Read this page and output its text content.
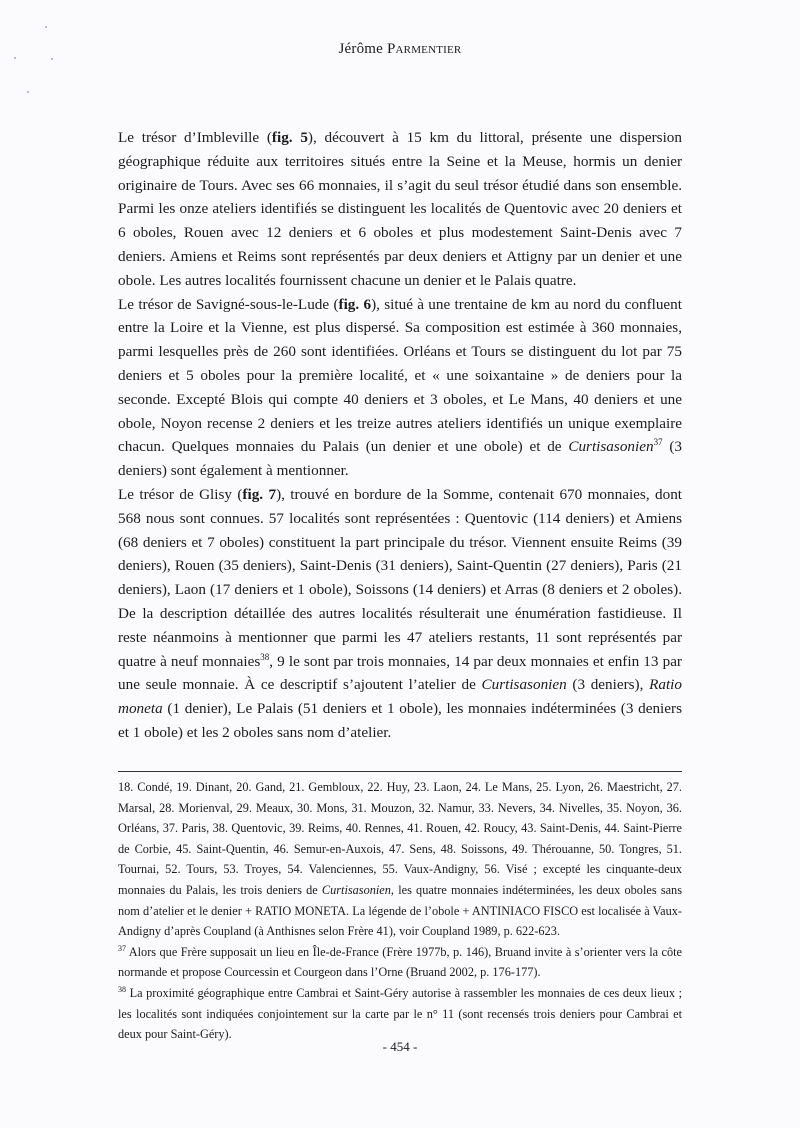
Jérôme Parmentier

Le trésor d’Imbleville (fig. 5), découvert à 15 km du littoral, présente une dispersion géographique réduite aux territoires situés entre la Seine et la Meuse, hormis un denier originaire de Tours. Avec ses 66 monnaies, il s’agit du seul trésor étudié dans son ensemble. Parmi les onze ateliers identifiés se distinguent les localités de Quentovic avec 20 deniers et 6 oboles, Rouen avec 12 deniers et 6 oboles et plus modestement Saint-Denis avec 7 deniers. Amiens et Reims sont représentés par deux deniers et Attigny par un denier et une obole. Les autres localités fournissent chacune un denier et le Palais quatre.

Le trésor de Savigné-sous-le-Lude (fig. 6), situé à une trentaine de km au nord du confluent entre la Loire et la Vienne, est plus dispersé. Sa composition est estimée à 360 monnaies, parmi lesquelles près de 260 sont identifiées. Orléans et Tours se distinguent du lot par 75 deniers et 5 oboles pour la première localité, et « une soixantaine » de deniers pour la seconde. Excepté Blois qui compte 40 deniers et 3 oboles, et Le Mans, 40 deniers et une obole, Noyon recense 2 deniers et les treize autres ateliers identifiés un unique exemplaire chacun. Quelques monnaies du Palais (un denier et une obole) et de Curtisasonien$^{37}$ (3 deniers) sont également à mentionner.

Le trésor de Glisy (fig. 7), trouvé en bordure de la Somme, contenait 670 monnaies, dont 568 nous sont connues. 57 localités sont représentées : Quentovic (114 deniers) et Amiens (68 deniers et 7 oboles) constituent la part principale du trésor. Viennent ensuite Reims (39 deniers), Rouen (35 deniers), Saint-Denis (31 deniers), Saint-Quentin (27 deniers), Paris (21 deniers), Laon (17 deniers et 1 obole), Soissons (14 deniers) et Arras (8 deniers et 2 oboles). De la description détaillée des autres localités résulterait une énumération fastidieuse. Il reste néanmoins à mentionner que parmi les 47 ateliers restants, 11 sont représentés par quatre à neuf monnaies$^{38}$, 9 le sont par trois monnaies, 14 par deux monnaies et enfin 13 par une seule monnaie. À ce descriptif s’ajoutent l’atelier de Curtisasonien (3 deniers), Ratio moneta (1 denier), Le Palais (51 deniers et 1 obole), les monnaies indéterminées (3 deniers et 1 obole) et les 2 oboles sans nom d’atelier.

18. Condé, 19. Dinant, 20. Gand, 21. Gembloux, 22. Huy, 23. Laon, 24. Le Mans, 25. Lyon, 26. Maestricht, 27. Marsal, 28. Morienval, 29. Meaux, 30. Mons, 31. Mouzon, 32. Namur, 33. Nevers, 34. Nivelles, 35. Noyon, 36. Orléans, 37. Paris, 38. Quentovic, 39. Reims, 40. Rennes, 41. Rouen, 42. Roucy, 43. Saint-Denis, 44. Saint-Pierre de Corbie, 45. Saint-Quentin, 46. Semur-en-Auxois, 47. Sens, 48. Soissons, 49. Thérouanne, 50. Tongres, 51. Tournai, 52. Tours, 53. Troyes, 54. Valenciennes, 55. Vaux-Andigny, 56. Visé ; excepté les cinquante-deux monnaies du Palais, les trois deniers de Curtisasonien, les quatre monnaies indéterminées, les deux oboles sans nom d’atelier et le denier + RATIO MONETA. La légende de l’obole + ANTINIACO FISCO est localisée à Vaux-Andigny d’après Coupland (à Anthisnes selon Frère 41), voir Coupland 1989, p. 622-623.

$^{37}$ Alors que Frère supposait un lieu en Île-de-France (Frère 1977b, p. 146), Bruand invite à s’orienter vers la côte normande et propose Courcessin et Courgeon dans l’Orne (Bruand 2002, p. 176-177).

$^{38}$ La proximité géographique entre Cambrai et Saint-Géry autorise à rassembler les monnaies de ces deux lieux ; les localités sont indiquées conjointement sur la carte par le n° 11 (sont recensés trois deniers pour Cambrai et deux pour Saint-Géry).

- 454 -
